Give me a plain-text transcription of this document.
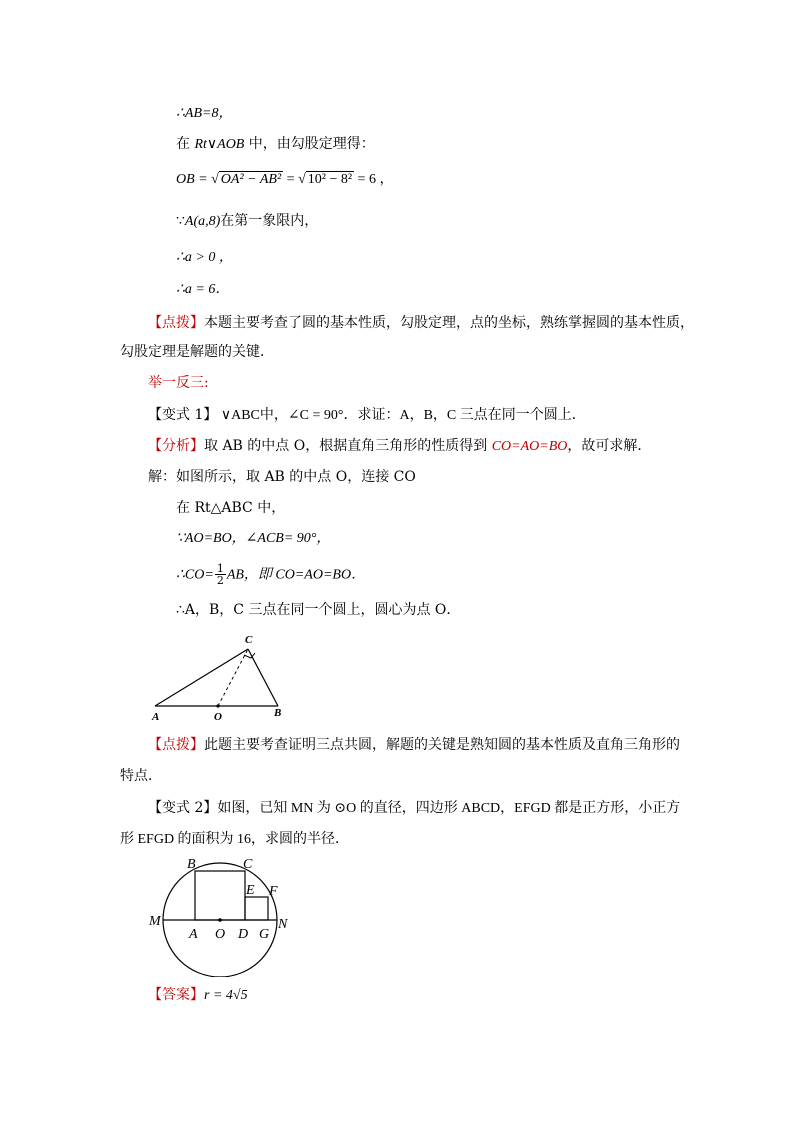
∴AB=8，
在 Rt∨AOB 中，由勾股定理得：
OB = √ OA² − AB² = √ 10² − 8² = 6 ，
∵A(a,8)在第一象限内，
∴a > 0 ，
∴a = 6．
【点拨】本题主要考查了圆的基本性质，勾股定理，点的坐标，熟练掌握圆的基本性质，
勾股定理是解题的关键．
举一反三:
【变式 1】 ∨ABC中，∠C = 90°．求证：A，B，C 三点在同一个圆上．
【分析】取 AB 的中点 O，根据直角三角形的性质得到 CO=AO=BO，故可求解．
解：如图所示，取 AB 的中点 O，连接 CO
在 Rt△ABC 中，
∵AO=BO，∠ACB= 90°，
∴CO= $\frac{1}{2}$ AB，即 CO=AO=BO．
∴A，B，C 三点在同一个圆上，圆心为点 O．
A	O	B
C
【点拨】此题主要考查证明三点共圆，解题的关键是熟知圆的基本性质及直角三角形的
特点．
【变式 2】如图，已知 MN 为 ⊙O 的直径，四边形 ABCD，EFGD 都是正方形，小正方
形 EFGD 的面积为 16，求圆的半径．
M
A O D G
N
B	C
E F
【答案】r = 4√5
